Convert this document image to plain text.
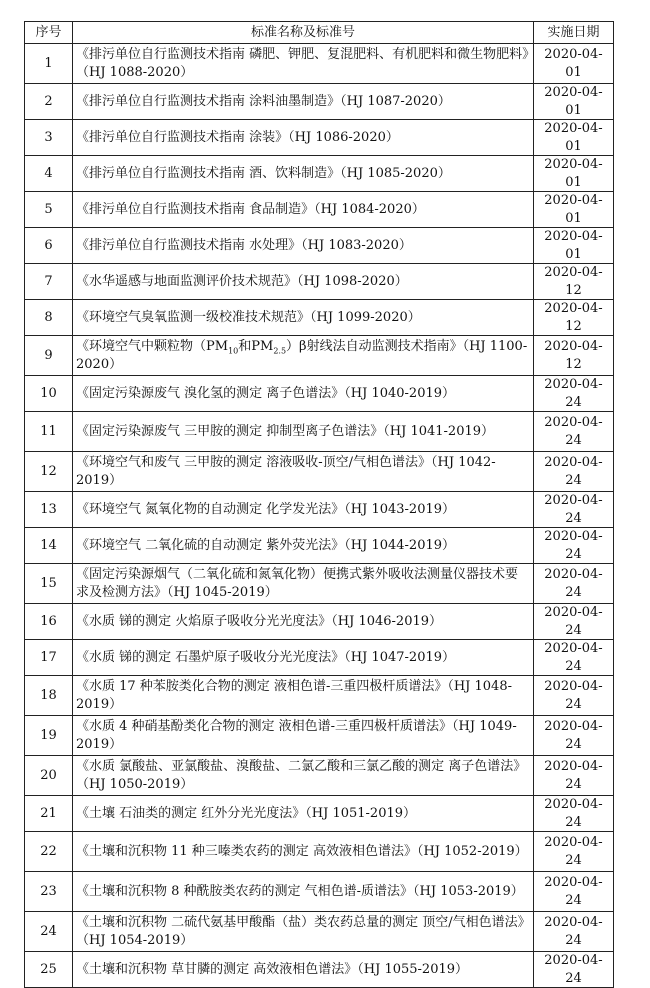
序号	标准名称及标准号	实施日期
1	《排污单位自行监测技术指南 磷肥、钾肥、复混肥料、有机肥料和微生物肥料》（HJ 1088-2020）	2020-04-01
2	《排污单位自行监测技术指南 涂料油墨制造》（HJ 1087-2020）	2020-04-01
3	《排污单位自行监测技术指南 涂装》（HJ 1086-2020）	2020-04-01
4	《排污单位自行监测技术指南 酒、饮料制造》（HJ 1085-2020）	2020-04-01
5	《排污单位自行监测技术指南 食品制造》（HJ 1084-2020）	2020-04-01
6	《排污单位自行监测技术指南 水处理》（HJ 1083-2020）	2020-04-01
7	《水华遥感与地面监测评价技术规范》（HJ 1098-2020）	2020-04-12
8	《环境空气臭氧监测一级校准技术规范》（HJ 1099-2020）	2020-04-12
9	《环境空气中颗粒物（$PM_{10}$和$PM_{2.5})\beta$射线法自动监测技术指南》（HJ 1100-2020）	2020-04-12
10	《固定污染源废气 溴化氢的测定 离子色谱法》（HJ 1040-2019）	2020-04-24
11	《固定污染源废气 三甲胺的测定 抑制型离子色谱法》（HJ 1041-2019）	2020-04-24
12	《环境空气和废气 三甲胺的测定 溶液吸收-顶空/气相色谱法》（HJ 1042-2019）	2020-04-24
13	《环境空气 氮氧化物的自动测定 化学发光法》（HJ 1043-2019）	2020-04-24
14	《环境空气 二氧化硫的自动测定 紫外荧光法》（HJ 1044-2019）	2020-04-24
15	《固定污染源烟气（二氧化硫和氮氧化物）便携式紫外吸收法测量仪器技术要求及检测方法》（HJ 1045-2019）	2020-04-24
16	《水质 锑的测定 火焰原子吸收分光光度法》（HJ 1046-2019）	2020-04-24
17	《水质 锑的测定 石墨炉原子吸收分光光度法》（HJ 1047-2019）	2020-04-24
18	《水质 17 种苯胺类化合物的测定 液相色谱-三重四极杆质谱法》（HJ 1048-2019）	2020-04-24
19	《水质 4 种硝基酚类化合物的测定 液相色谱-三重四极杆质谱法》（HJ 1049-2019）	2020-04-24
20	《水质 氯酸盐、亚氯酸盐、溴酸盐、二氯乙酸和三氯乙酸的测定 离子色谱法》（HJ 1050-2019）	2020-04-24
21	《土壤 石油类的测定 红外分光光度法》（HJ 1051-2019）	2020-04-24
22	《土壤和沉积物 11 种三嗪类农药的测定 高效液相色谱法》（HJ 1052-2019）	2020-04-24
23	《土壤和沉积物 8 种酰胺类农药的测定 气相色谱-质谱法》（HJ 1053-2019）	2020-04-24
24	《土壤和沉积物 二硫代氨基甲酸酯（盐）类农药总量的测定 顶空/气相色谱法》（HJ 1054-2019）	2020-04-24
25	《土壤和沉积物 草甘膦的测定 高效液相色谱法》（HJ 1055-2019）	2020-04-24
